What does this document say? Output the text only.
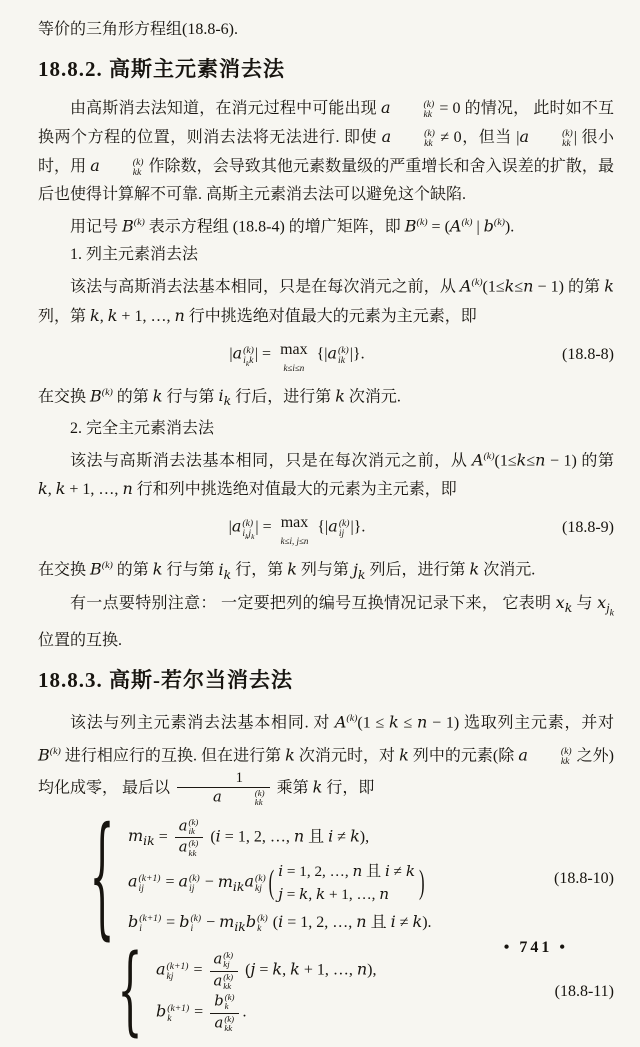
等价的三角形方程组(18.8-6).

18.8.2. 高斯主元素消去法

由高斯消去法知道，在消元过程中可能出现 a	(k)
kk = 0 的情况， 此时如不互换两个方程的位置，则消去法将无法进行. 即使 a	(k)
kk ≠ 0，但当 |a	(k)
kk | 很小时，用 a	(k)
kk 作除数，会导致其他元素数量级的严重增长和舍入误差的扩散，最后也使得计算解不可靠. 高斯主元素消去法可以避免这个缺陷.

用记号 $B^{(k)}$ 表示方程组 (18.8-4) 的增广矩阵，即 $B^{(k)} = (A^{(k)}$ | $b^{(k)}$).

1. 列主元素消去法

该法与高斯消去法基本相同，只是在每次消元之前，从 $A^{(k)}(1\le k\le n - 1)$ 的第 k 列，第 k, k + 1, …, n 行中挑选绝对值最大的元素为主元素，即

|a (k)
$i_kk$ | = max
k≤i≤n
{|a (k)
ik |}.	(18.8-8)

在交换 $B^{(k)}$ 的第 k 行与第 $i_k$ 行后，进行第 k 次消元.

2. 完全主元素消去法

该法与高斯消去法基本相同，只是在每次消元之前，从 $A^{(k)}(1\le k\le n - 1)$ 的第 k, k + 1, …, n 行和列中挑选绝对值最大的元素为主元素，即

|a (k)
$i_kj_k$
| = max
k≤i, j≤n
{|a (k)
ij |}.	(18.8-9)

在交换 $B^{(k)}$ 的第 k 行与第 $i_k$ 行，第 k 列与第 $j_k$ 列后，进行第 k 次消元.

有一点要特别注意： 一定要把列的编号互换情况记录下来， 它表明 $x_k$ 与 $x_{j_k}$ 位置的互换.

18.8.3. 高斯-若尔当消去法

该法与列主元素消去法基本相同. 对 $A^{(k)}(1 \le k \le n - 1)$ 选取列主元素，并对 $B^{(k)}$ 进行相应行的互换. 但在进行第 k 次消元时，对 k 列中的元素(除 a	(k)
kk 之外)均化成零， 最后以 1
a	(k)
kk 乘第 k 行，即

{ $m_{ik} = a$ (k)
ik
a (k)
kk (i = 1, 2, …, n 且 i ≠ k),
a (k+1)
ij	= a (k)
ij − $m_{ik}a$ (k)
kj ( i = 1, 2, …, n 且 i ≠ k
j = k, k + 1, …, n	)
b (k+1)
i	= b (k)
$i - m_{ik}b$ (k)
k (i = 1, 2, …, n 且 i ≠ k).
(18.8-10)
{ a (k+1)
kj = a (k)
kj
a (k)
kk (j = k, k + 1, …, n),
b (k+1)
k	= b (k)
k
a (k)
kk .
(18.8-11)
• 741 •
